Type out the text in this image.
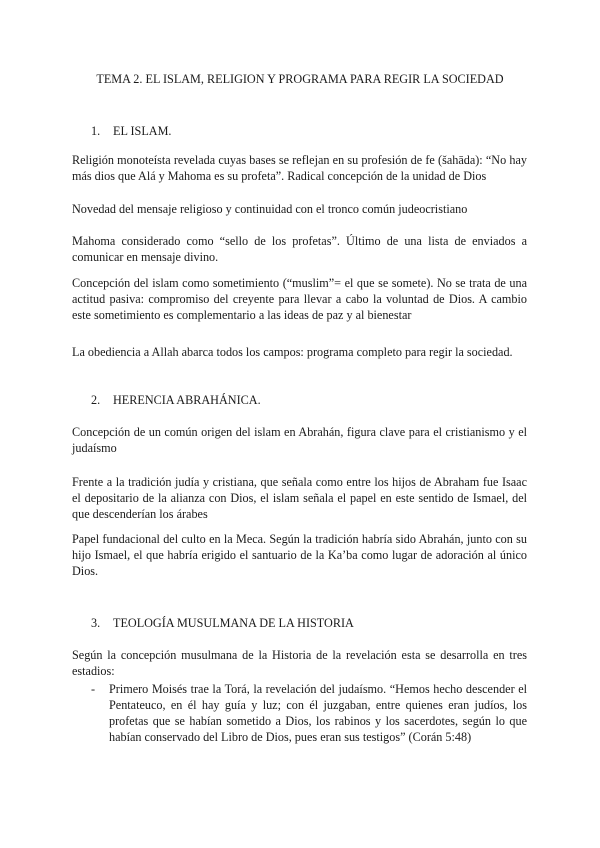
TEMA 2. EL ISLAM, RELIGION Y PROGRAMA PARA REGIR LA SOCIEDAD
1. EL ISLAM.
Religión monoteísta revelada cuyas bases se reflejan en su profesión de fe (šahāda): “No hay más dios que Alá y Mahoma es su profeta”. Radical concepción de la unidad de Dios
Novedad del mensaje religioso y continuidad con el tronco común judeocristiano
Mahoma considerado como “sello de los profetas”. Último de una lista de enviados a comunicar en mensaje divino.
Concepción del islam como sometimiento (“muslim”= el que se somete). No se trata de una actitud pasiva: compromiso del creyente para llevar a cabo la voluntad de Dios. A cambio este sometimiento es complementario a las ideas de paz y al bienestar
La obediencia a Allah abarca todos los campos: programa completo para regir la sociedad.
2. HERENCIA ABRAHÁNICA.
Concepción de un común origen del islam en Abrahán, figura clave para el cristianismo y el judaísmo
Frente a la tradición judía y cristiana, que señala como entre los hijos de Abraham fue Isaac el depositario de la alianza con Dios, el islam señala el papel en este sentido de Ismael, del que descenderían los árabes
Papel fundacional del culto en la Meca. Según la tradición habría sido Abrahán, junto con su hijo Ismael, el que habría erigido el santuario de la Ka’ba como lugar de adoración al único Dios.
3. TEOLOGÍA MUSULMANA DE LA HISTORIA
Según la concepción musulmana de la Historia de la revelación esta se desarrolla en tres estadios:
-	Primero Moisés trae la Torá, la revelación del judaísmo. “Hemos hecho descender el Pentateuco, en él hay guía y luz; con él juzgaban, entre quienes eran judíos, los profetas que se habían sometido a Dios, los rabinos y los sacerdotes, según lo que habían conservado del Libro de Dios, pues eran sus testigos” (Corán 5:48)
